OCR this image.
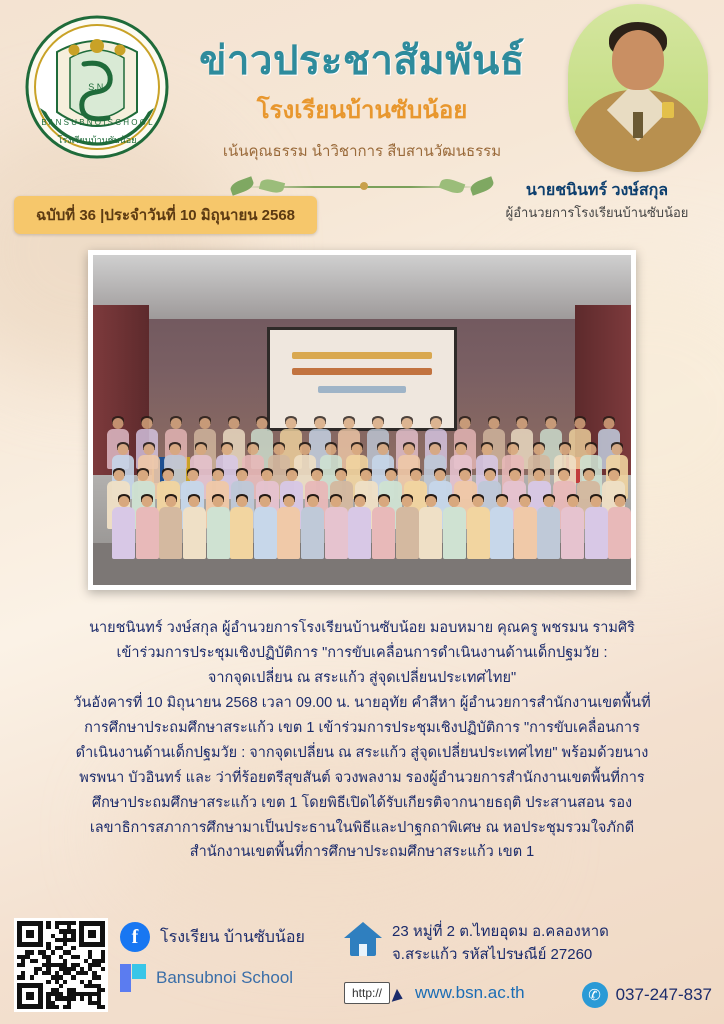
B A N S U B N O I S C H O O L
โรงเรียนบ้านซับน้อย
S.N.
ข่าวประชาสัมพันธ์
โรงเรียนบ้านซับน้อย
เน้นคุณธรรม นำวิชาการ สืบสานวัฒนธรรม
นายชนินทร์ วงษ์สกุล
ผู้อำนวยการโรงเรียนบ้านซับน้อย
ฉบับที่ 36 |ประจำวันที่ 10 มิถุนายน 2568

นายชนินทร์ วงษ์สกุล ผู้อำนวยการโรงเรียนบ้านซับน้อย มอบหมาย คุณครู พชรมน รามศิริ

เข้าร่วมการประชุมเชิงปฏิบัติการ "การขับเคลื่อนการดำเนินงานด้านเด็กปฐมวัย :

จากจุดเปลี่ยน ณ สระแก้ว สู่จุดเปลี่ยนประเทศไทย"

วันอังคารที่ 10 มิถุนายน 2568 เวลา 09.00 น. นายอุทัย คำสีหา ผู้อำนวยการสำนักงานเขตพื้นที่

การศึกษาประถมศึกษาสระแก้ว เขต 1 เข้าร่วมการประชุมเชิงปฏิบัติการ "การขับเคลื่อนการ

ดำเนินงานด้านเด็กปฐมวัย : จากจุดเปลี่ยน ณ สระแก้ว สู่จุดเปลี่ยนประเทศไทย" พร้อมด้วยนาง

พรพนา บัวอินทร์ และ ว่าที่ร้อยตรีสุขสันต์ จวงพลงาม รองผู้อำนวยการสำนักงานเขตพื้นที่การ

ศึกษาประถมศึกษาสระแก้ว เขต 1 โดยพิธีเปิดได้รับเกียรติจากนายธฤติ ประสานสอน รอง

เลขาธิการสภาการศึกษามาเป็นประธานในพิธีและปาฐกถาพิเศษ ณ หอประชุมรวมใจภักดี

สำนักงานเขตพื้นที่การศึกษาประถมศึกษาสระแก้ว เขต 1

f	โรงเรียน บ้านซับน้อย
Bansubnoi School
23 หมู่ที่ 2 ต.ไทยอุดม อ.คลองหาด
จ.สระแก้ว รหัสไปรษณีย์ 27260
http://	www.bsn.ac.th	✆ 037-247-837
